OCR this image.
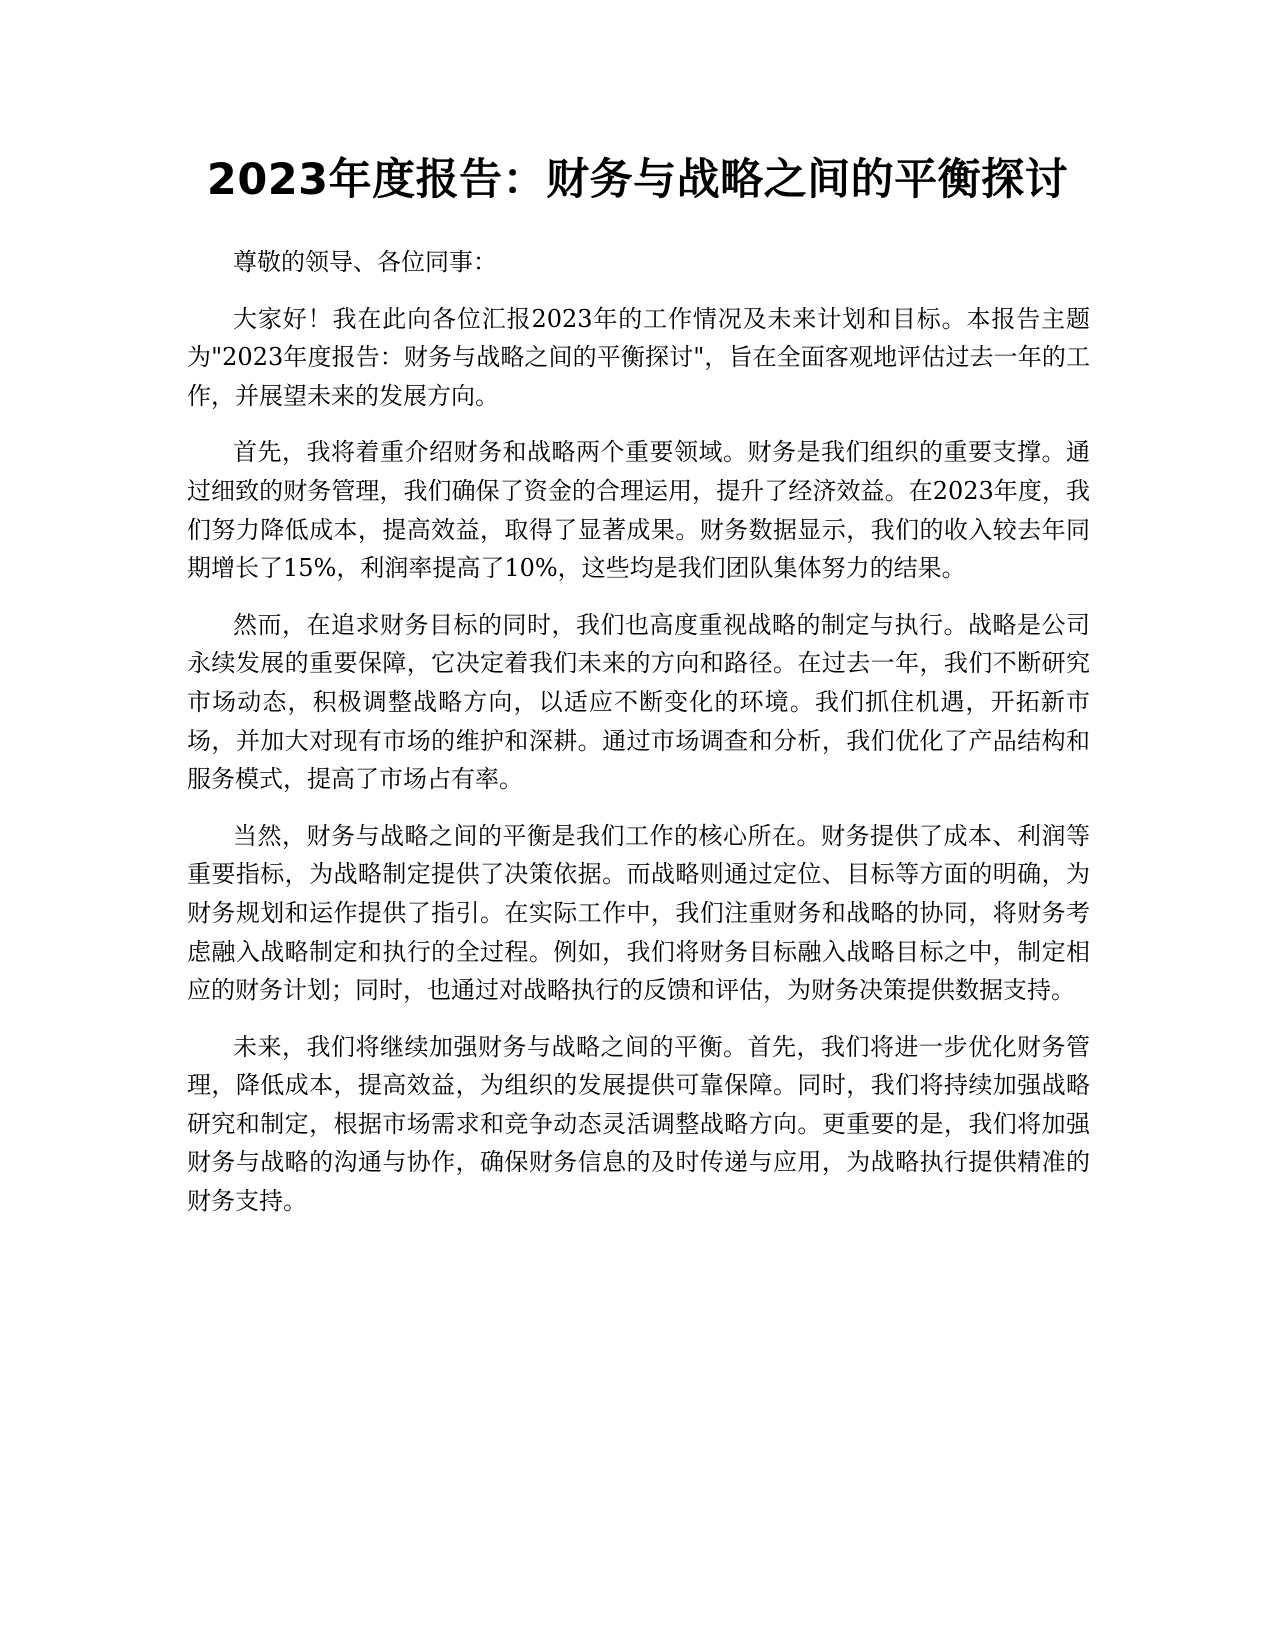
2023年度报告：财务与战略之间的平衡探讨

尊敬的领导、各位同事：

大家好！我在此向各位汇报2023年的工作情况及未来计划和目标。本报告主题为"2023年度报告：财务与战略之间的平衡探讨"，旨在全面客观地评估过去一年的工作，并展望未来的发展方向。

首先，我将着重介绍财务和战略两个重要领域。财务是我们组织的重要支撑。通过细致的财务管理，我们确保了资金的合理运用，提升了经济效益。在2023年度，我们努力降低成本，提高效益，取得了显著成果。财务数据显示，我们的收入较去年同期增长了15%，利润率提高了10%，这些均是我们团队集体努力的结果。

然而，在追求财务目标的同时，我们也高度重视战略的制定与执行。战略是公司永续发展的重要保障，它决定着我们未来的方向和路径。在过去一年，我们不断研究市场动态，积极调整战略方向，以适应不断变化的环境。我们抓住机遇，开拓新市场，并加大对现有市场的维护和深耕。通过市场调查和分析，我们优化了产品结构和服务模式，提高了市场占有率。

当然，财务与战略之间的平衡是我们工作的核心所在。财务提供了成本、利润等重要指标，为战略制定提供了决策依据。而战略则通过定位、目标等方面的明确，为财务规划和运作提供了指引。在实际工作中，我们注重财务和战略的协同，将财务考虑融入战略制定和执行的全过程。例如，我们将财务目标融入战略目标之中，制定相应的财务计划；同时，也通过对战略执行的反馈和评估，为财务决策提供数据支持。

未来，我们将继续加强财务与战略之间的平衡。首先，我们将进一步优化财务管理，降低成本，提高效益，为组织的发展提供可靠保障。同时，我们将持续加强战略研究和制定，根据市场需求和竞争动态灵活调整战略方向。更重要的是，我们将加强财务与战略的沟通与协作，确保财务信息的及时传递与应用，为战略执行提供精准的财务支持。
